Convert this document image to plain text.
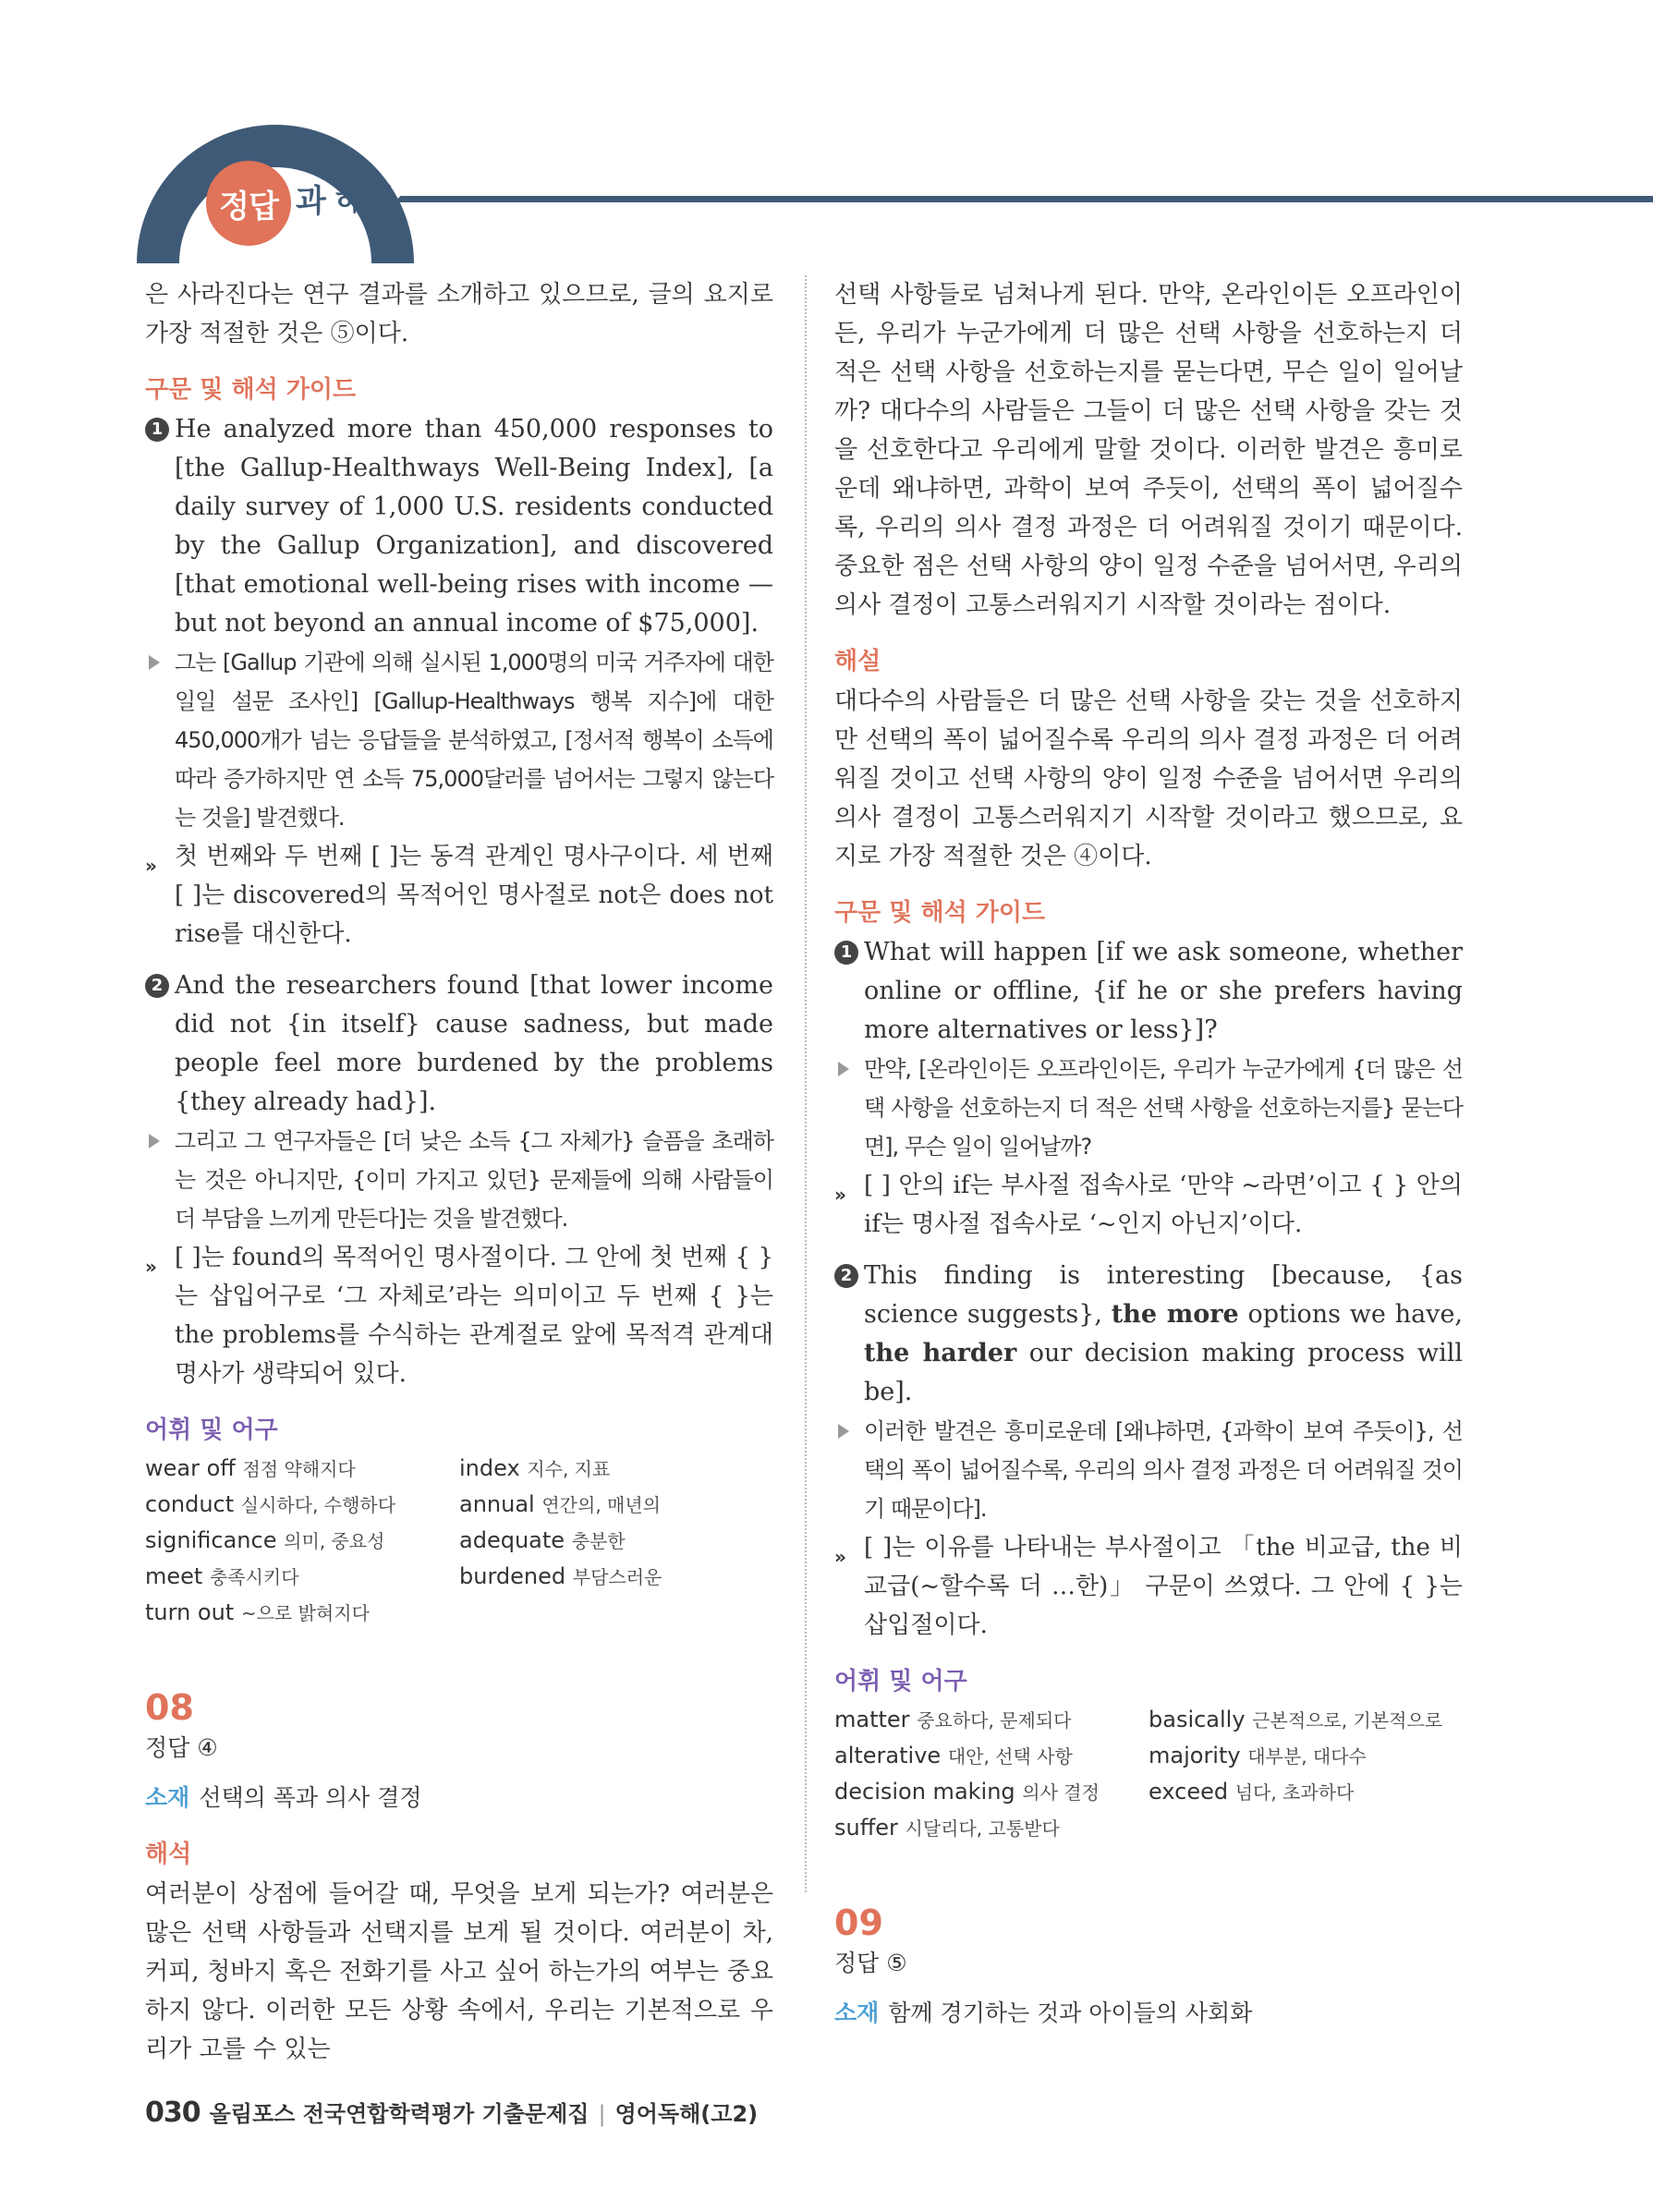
정답 과 해설

은 사라진다는 연구 결과를 소개하고 있으므로, 글의 요지로 가장 적절한 것은 ⑤이다.

구문 및 해석 가이드
1 He analyzed more than 450,000 responses to [the Gallup-Healthways Well-Being Index], [a daily survey of 1,000 U.S. residents conducted by the Gallup Organization], and discovered [that emotional well-being rises with income — but not beyond an annual income of $75,000].

그는 [Gallup 기관에 의해 실시된 1,000명의 미국 거주자에 대한 일일 설문 조사인] [Gallup-Healthways 행복 지수]에 대한 450,000개가 넘는 응답들을 분석하였고, [정서적 행복이 소득에 따라 증가하지만 연 소득 75,000달러를 넘어서는 그렇지 않는다는 것을] 발견했다.

» 첫 번째와 두 번째 [ ]는 동격 관계인 명사구이다. 세 번째 [ ]는 discovered의 목적어인 명사절로 not은 does not rise를 대신한다.

2 And the researchers found [that lower income did not {in itself} cause sadness, but made people feel more burdened by the problems {they already had}].

그리고 그 연구자들은 [더 낮은 소득 {그 자체가} 슬픔을 초래하는 것은 아니지만, {이미 가지고 있던} 문제들에 의해 사람들이 더 부담을 느끼게 만든다]는 것을 발견했다.

» [ ]는 found의 목적어인 명사절이다. 그 안에 첫 번째 { }는 삽입어구로 ‘그 자체로’라는 의미이고 두 번째 { }는 the problems를 수식하는 관계절로 앞에 목적격 관계대명사가 생략되어 있다.

어휘 및 어구
wear off 점점 약해지다	index 지수, 지표
conduct 실시하다, 수행하다	annual 연간의, 매년의
significance 의미, 중요성	adequate 충분한
meet 충족시키다	burdened 부담스러운
turn out ~으로 밝혀지다
08
정답 ④
소재 선택의 폭과 의사 결정
해석

여러분이 상점에 들어갈 때, 무엇을 보게 되는가? 여러분은 많은 선택 사항들과 선택지를 보게 될 것이다. 여러분이 차, 커피, 청바지 혹은 전화기를 사고 싶어 하는가의 여부는 중요하지 않다. 이러한 모든 상황 속에서, 우리는 기본적으로 우리가 고를 수 있는

선택 사항들로 넘쳐나게 된다. 만약, 온라인이든 오프라인이든, 우리가 누군가에게 더 많은 선택 사항을 선호하는지 더 적은 선택 사항을 선호하는지를 묻는다면, 무슨 일이 일어날까? 대다수의 사람들은 그들이 더 많은 선택 사항을 갖는 것을 선호한다고 우리에게 말할 것이다. 이러한 발견은 흥미로운데 왜냐하면, 과학이 보여 주듯이, 선택의 폭이 넓어질수록, 우리의 의사 결정 과정은 더 어려워질 것이기 때문이다. 중요한 점은 선택 사항의 양이 일정 수준을 넘어서면, 우리의 의사 결정이 고통스러워지기 시작할 것이라는 점이다.

해설

대다수의 사람들은 더 많은 선택 사항을 갖는 것을 선호하지만 선택의 폭이 넓어질수록 우리의 의사 결정 과정은 더 어려워질 것이고 선택 사항의 양이 일정 수준을 넘어서면 우리의 의사 결정이 고통스러워지기 시작할 것이라고 했으므로, 요지로 가장 적절한 것은 ④이다.

구문 및 해석 가이드
1 What will happen [if we ask someone, whether online or offline, {if he or she prefers having more alternatives or less}]?

만약, [온라인이든 오프라인이든, 우리가 누군가에게 {더 많은 선택 사항을 선호하는지 더 적은 선택 사항을 선호하는지를} 묻는다면], 무슨 일이 일어날까?

» [ ] 안의 if는 부사절 접속사로 ‘만약 ~라면’이고 { } 안의 if는 명사절 접속사로 ‘~인지 아닌지’이다.

2 This finding is interesting [because, {as science suggests}, the more options we have, the harder our decision making process will be].

이러한 발견은 흥미로운데 [왜냐하면, {과학이 보여 주듯이}, 선택의 폭이 넓어질수록, 우리의 의사 결정 과정은 더 어려워질 것이기 때문이다].

» [ ]는 이유를 나타내는 부사절이고 「the 비교급, the 비교급(~할수록 더 …한)」 구문이 쓰였다. 그 안에 { }는 삽입절이다.

어휘 및 어구
matter 중요하다, 문제되다	basically 근본적으로, 기본적으로
alterative 대안, 선택 사항	majority 대부분, 대다수
decision making 의사 결정	exceed 넘다, 초과하다
suffer 시달리다, 고통받다
09
정답 ⑤
소재 함께 경기하는 것과 아이들의 사회화
030 올림포스 전국연합학력평가 기출문제집 | 영어독해(고2)
